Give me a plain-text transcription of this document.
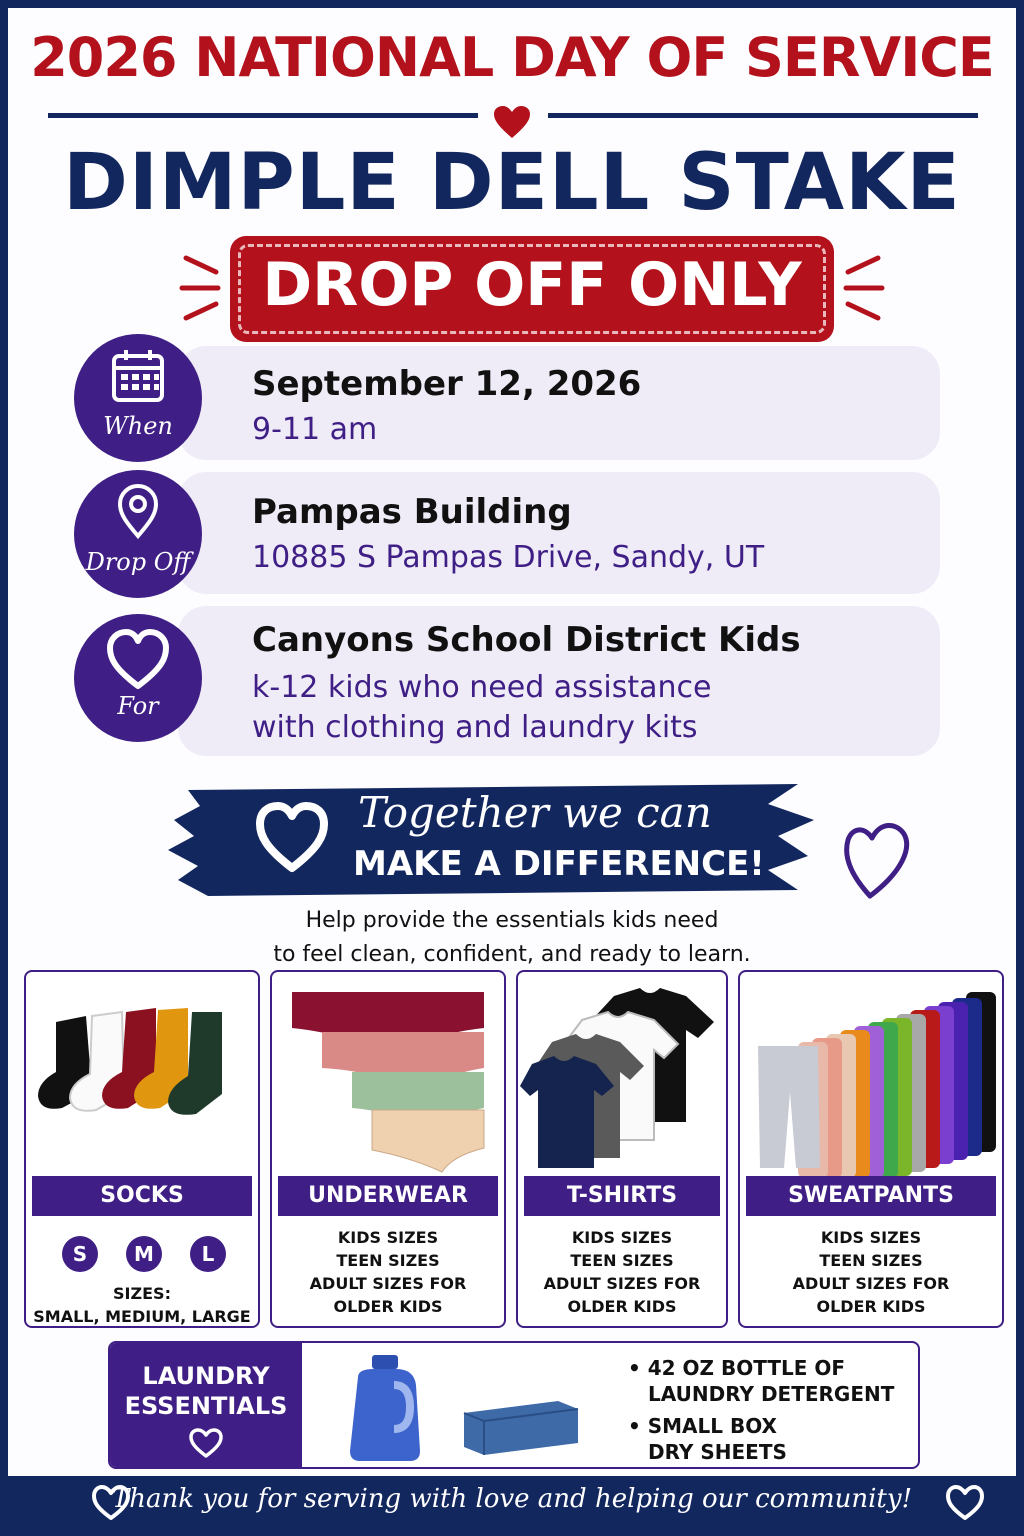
2026 NATIONAL DAY OF SERVICE
DIMPLE DELL STAKE
DROP OFF ONLY
September 12, 2026
9-11 am
When
Pampas Building
10885 S Pampas Drive, Sandy, UT
Drop Off
Canyons School District Kids
k-12 kids who need assistance
with clothing and laundry kits
For
Together we can
MAKE A DIFFERENCE!
Help provide the essentials kids need
to feel clean, confident, and ready to learn.
SOCKS
S	M	L
SIZES:
SMALL, MEDIUM, LARGE
UNDERWEAR
KIDS SIZES
TEEN SIZES
ADULT SIZES FOR
OLDER KIDS
T-SHIRTS
KIDS SIZES
TEEN SIZES
ADULT SIZES FOR
OLDER KIDS
SWEATPANTS
KIDS SIZES
TEEN SIZES
ADULT SIZES FOR
OLDER KIDS
LAUNDRY
ESSENTIALS
• 42 OZ BOTTLE OF
LAUNDRY DETERGENT
• SMALL BOX
DRY SHEETS
Thank you for serving with love and helping our community!
